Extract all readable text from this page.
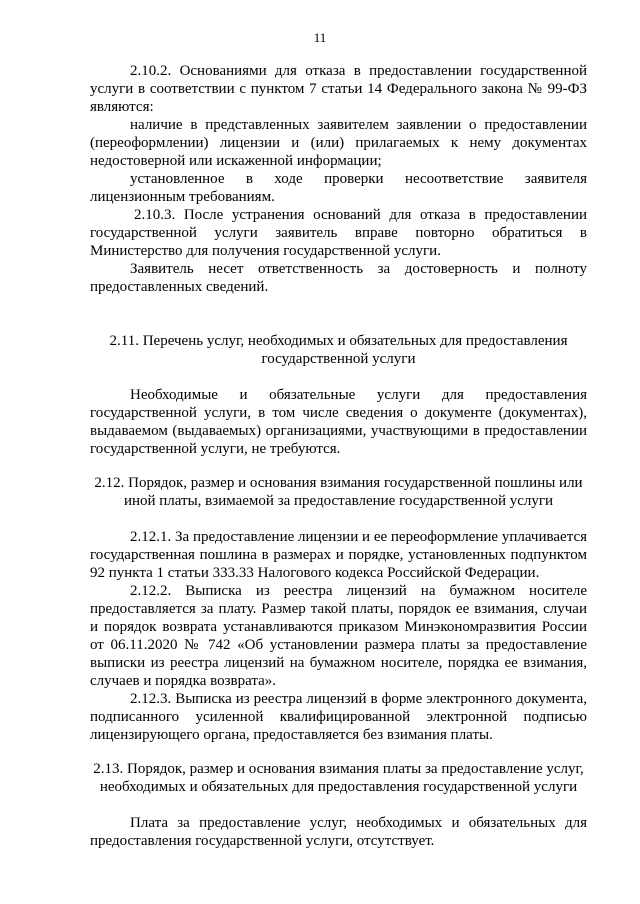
11

2.10.2. Основаниями для отказа в предоставлении государственной услуги в соответствии с пунктом 7 статьи 14 Федерального закона № 99-ФЗ являются:

наличие в представленных заявителем заявлении о предоставлении (переоформлении) лицензии и (или) прилагаемых к нему документах недостоверной или искаженной информации;

установленное в ходе проверки несоответствие заявителя лицензионным требованиям.

2.10.3. После устранения оснований для отказа в предоставлении государственной услуги заявитель вправе повторно обратиться в Министерство для получения государственной услуги.

Заявитель несет ответственность за достоверность и полноту предоставленных сведений.

2.11. Перечень услуг, необходимых и обязательных для предоставления государственной услуги

Необходимые и обязательные услуги для предоставления государственной услуги, в том числе сведения о документе (документах), выдаваемом (выдаваемых) организациями, участвующими в предоставлении государственной услуги, не требуются.

2.12. Порядок, размер и основания взимания государственной пошлины или иной платы, взимаемой за предоставление государственной услуги

2.12.1. За предоставление лицензии и ее переоформление уплачивается государственная пошлина в размерах и порядке, установленных подпунктом 92 пункта 1 статьи 333.33 Налогового кодекса Российской Федерации.

2.12.2. Выписка из реестра лицензий на бумажном носителе предоставляется за плату. Размер такой платы, порядок ее взимания, случаи и порядок возврата устанавливаются приказом Минэкономразвития России от 06.11.2020 № 742 «Об установлении размера платы за предоставление выписки из реестра лицензий на бумажном носителе, порядка ее взимания, случаев и порядка возврата».

2.12.3. Выписка из реестра лицензий в форме электронного документа, подписанного усиленной квалифицированной электронной подписью лицензирующего органа, предоставляется без взимания платы.

2.13. Порядок, размер и основания взимания платы за предоставление услуг, необходимых и обязательных для предоставления государственной услуги

Плата за предоставление услуг, необходимых и обязательных для предоставления государственной услуги, отсутствует.
